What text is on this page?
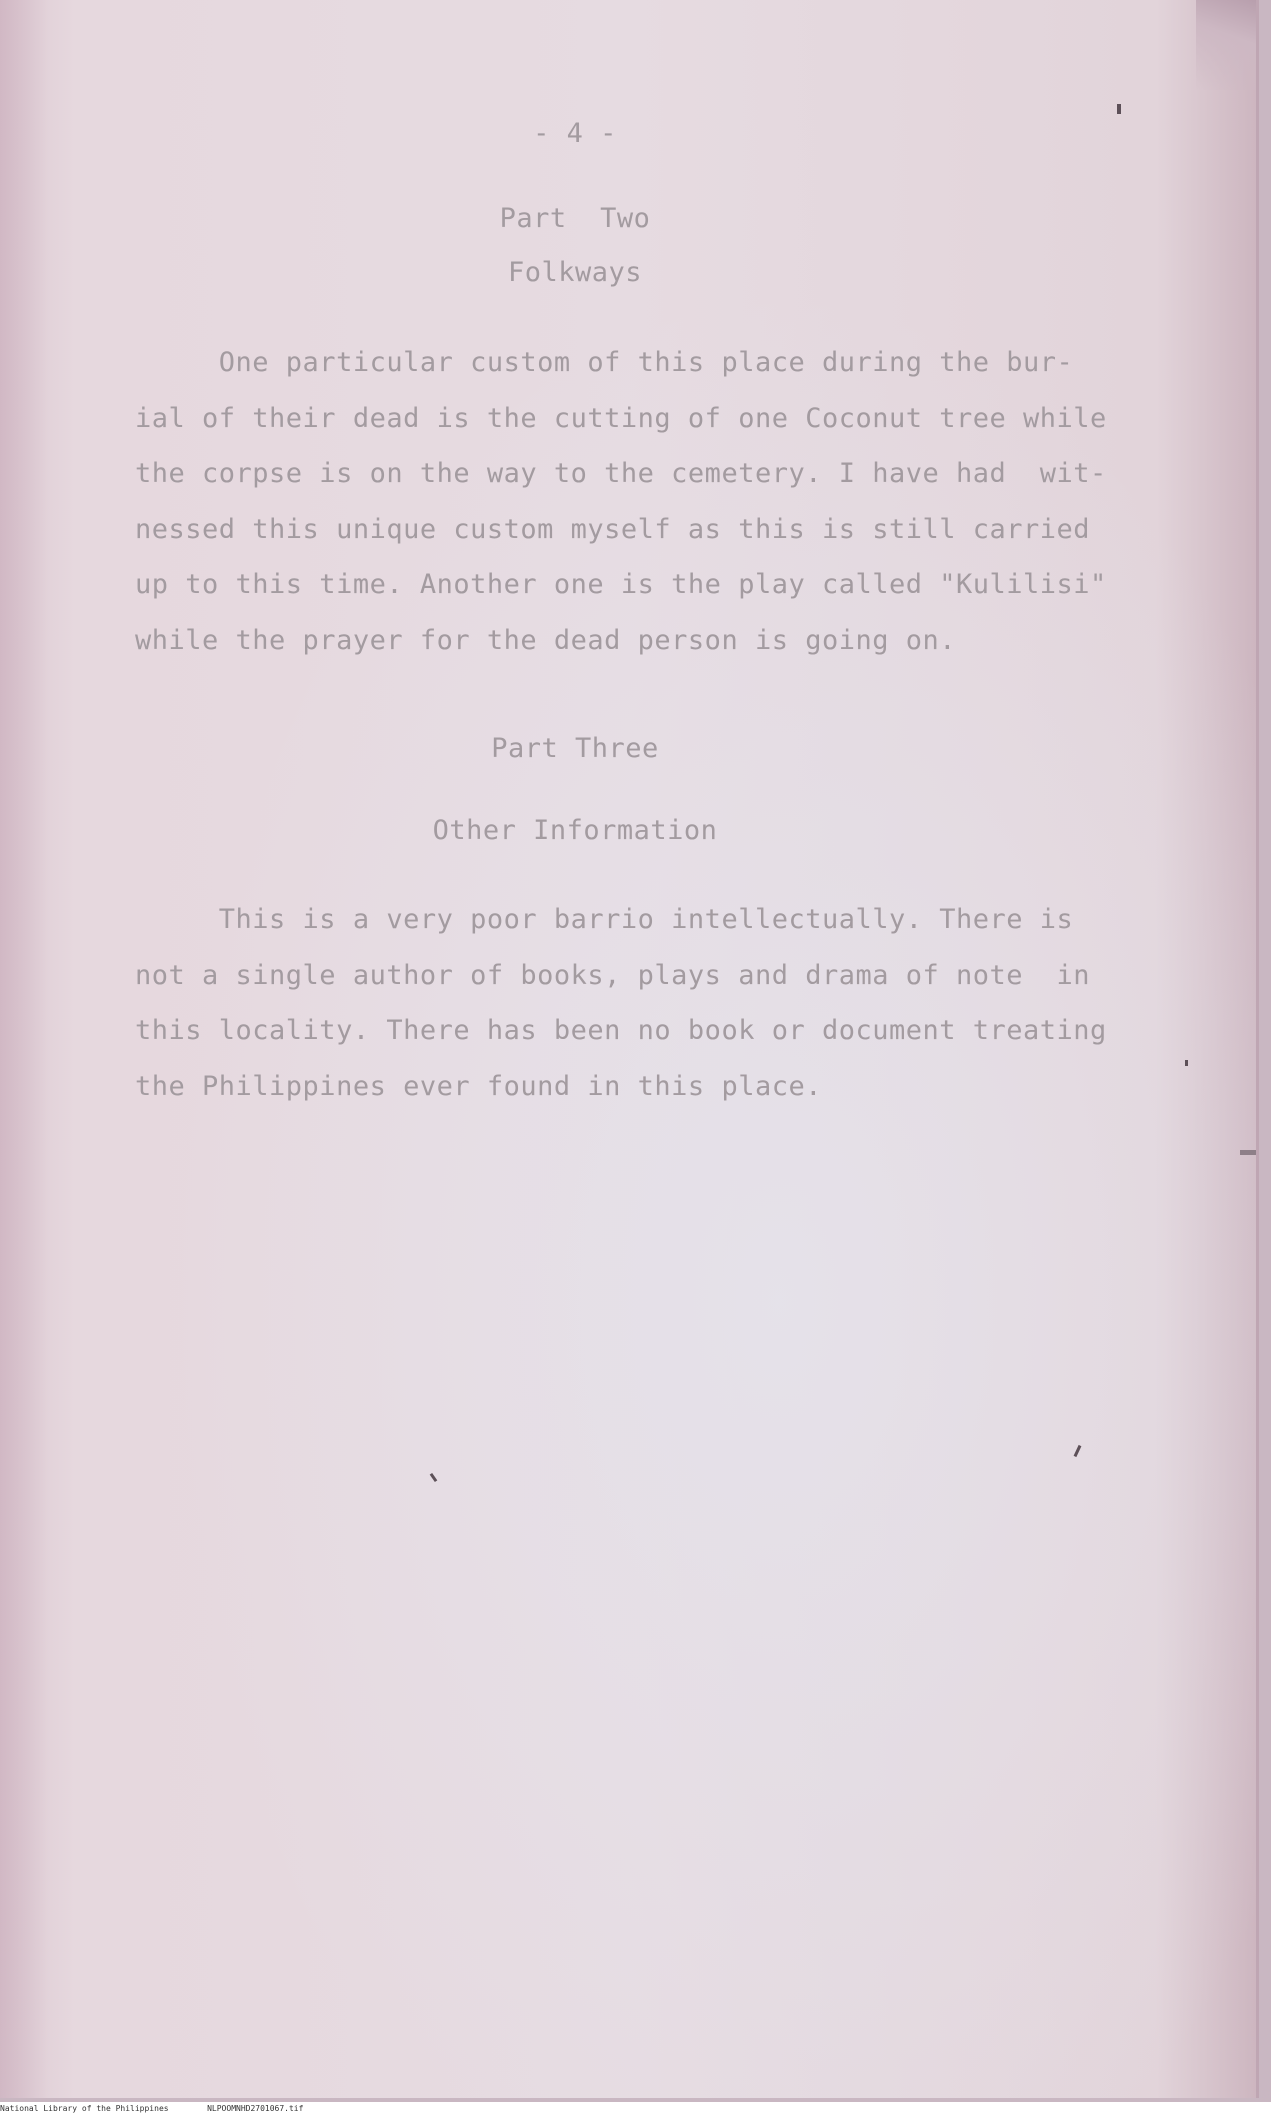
- 4 -
Part  Two
Folkways
One particular custom of this place during the bur-
ial of their dead is the cutting of one Coconut tree while
the corpse is on the way to the cemetery. I have had  wit-
nessed this unique custom myself as this is still carried
up to this time. Another one is the play called "Kulilisi"
while the prayer for the dead person is going on.
Part Three
Other Information
This is a very poor barrio intellectually. There is
not a single author of books, plays and drama of note  in
this locality. There has been no book or document treating
the Philippines ever found in this place.
National Library of the Philippines	NLPOOMNHD2701067.tif
